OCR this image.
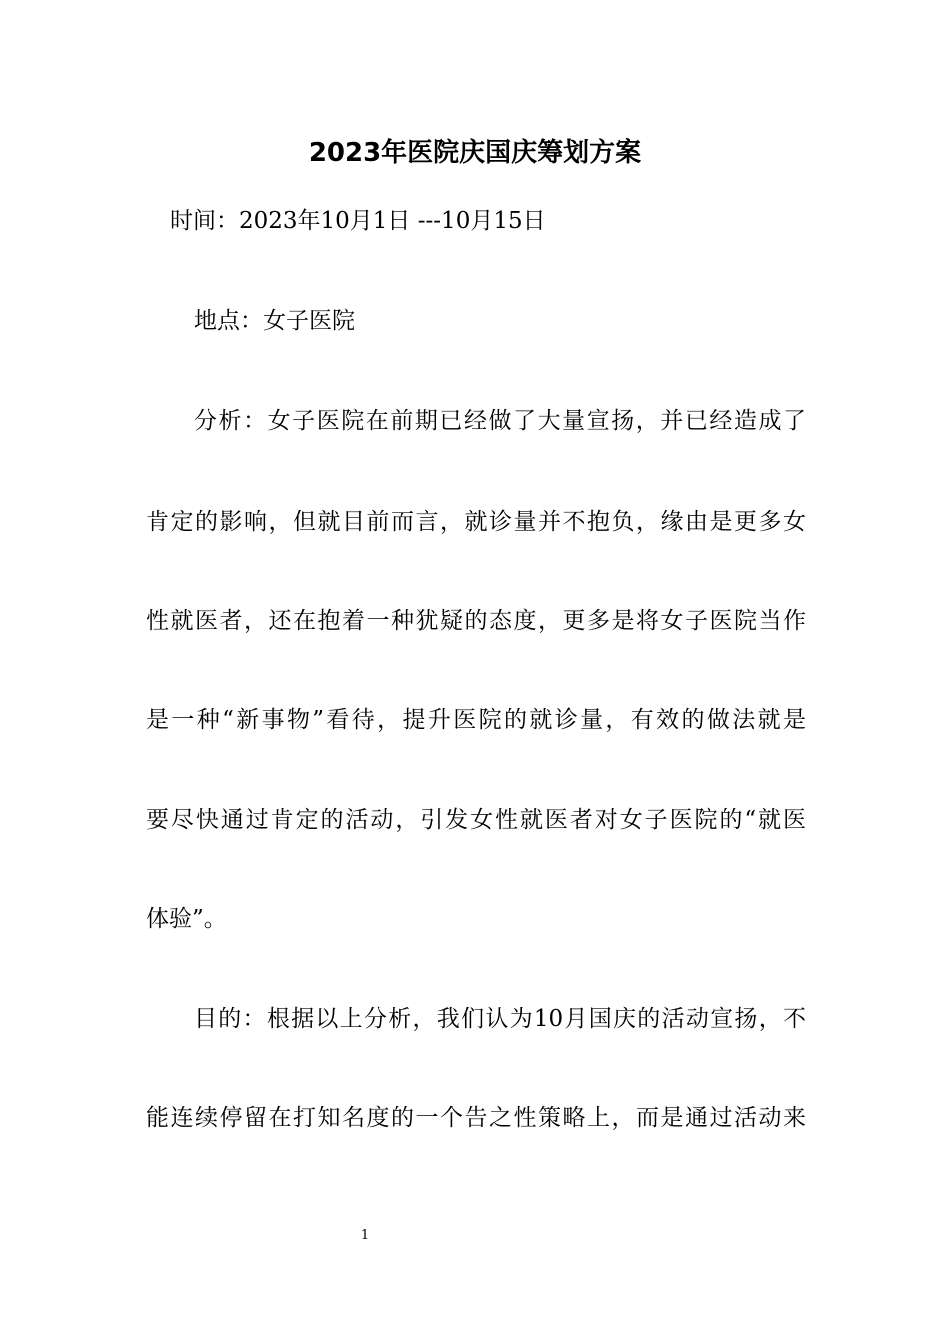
2023年医院庆国庆筹划方案

时间：2023年10月1日 ---10月15日

地点：女子医院

分析：女子医院在前期已经做了大量宣扬，并已经造成了

肯定的影响，但就目前而言，就诊量并不抱负，缘由是更多女

性就医者，还在抱着一种犹疑的态度，更多是将女子医院当作

是一种“新事物”看待，提升医院的就诊量，有效的做法就是

要尽快通过肯定的活动，引发女性就医者对女子医院的“就医

体验”。

目的：根据以上分析，我们认为10月国庆的活动宣扬，不

能连续停留在打知名度的一个告之性策略上，而是通过活动来

1
